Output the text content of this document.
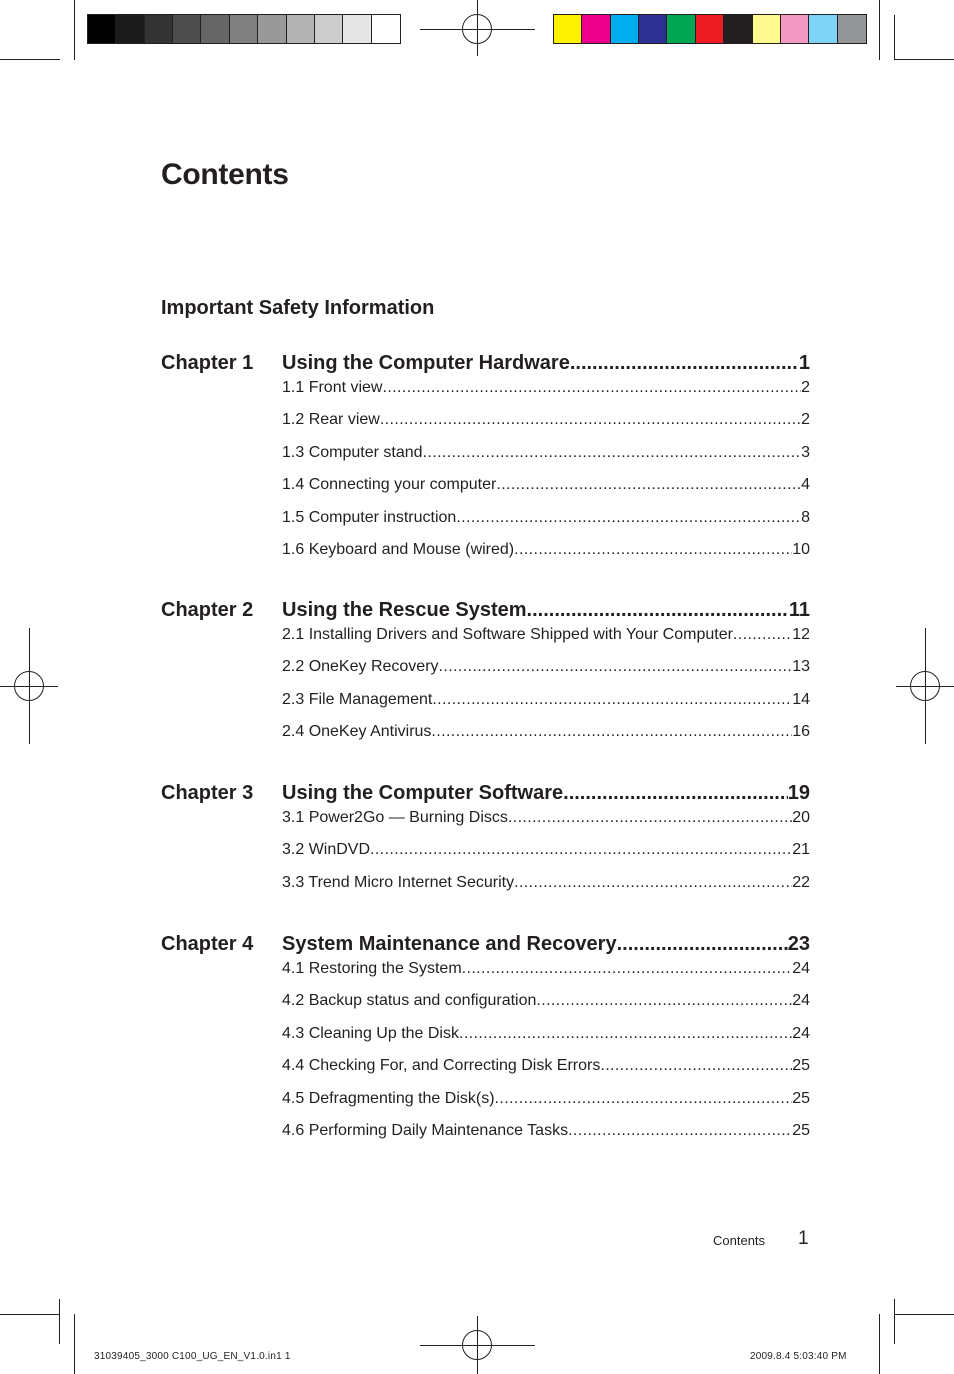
Contents
Important Safety Information
Chapter 1 Using the Computer Hardware .....	1
1.1 Front view .....	2
1.2 Rear view .....	2
1.3 Computer stand .....	3
1.4 Connecting your computer .....	4
1.5 Computer instruction .....	8
1.6 Keyboard and Mouse (wired) .....	10
Chapter 2 Using the Rescue System .....	11
2.1 Installing Drivers and Software Shipped with Your Computer .....	12
2.2 OneKey Recovery .....	13
2.3 File Management .....	14
2.4 OneKey Antivirus .....	16
Chapter 3 Using the Computer Software .....	19
3.1 Power2Go — Burning Discs .....	20
3.2 WinDVD .....	21
3.3 Trend Micro Internet Security .....	22
Chapter 4 System Maintenance and Recovery .....	23
4.1 Restoring the System .....	24
4.2 Backup status and configuration .....	24
4.3 Cleaning Up the Disk .....	24
4.4 Checking For, and Correcting Disk Errors .....	25
4.5 Defragmenting the Disk(s) .....	25
4.6 Performing Daily Maintenance Tasks .....	25
Contents 1
31039405_3000 C100_UG_EN_V1.0.in1 1	2009.8.4 5:03:40 PM
